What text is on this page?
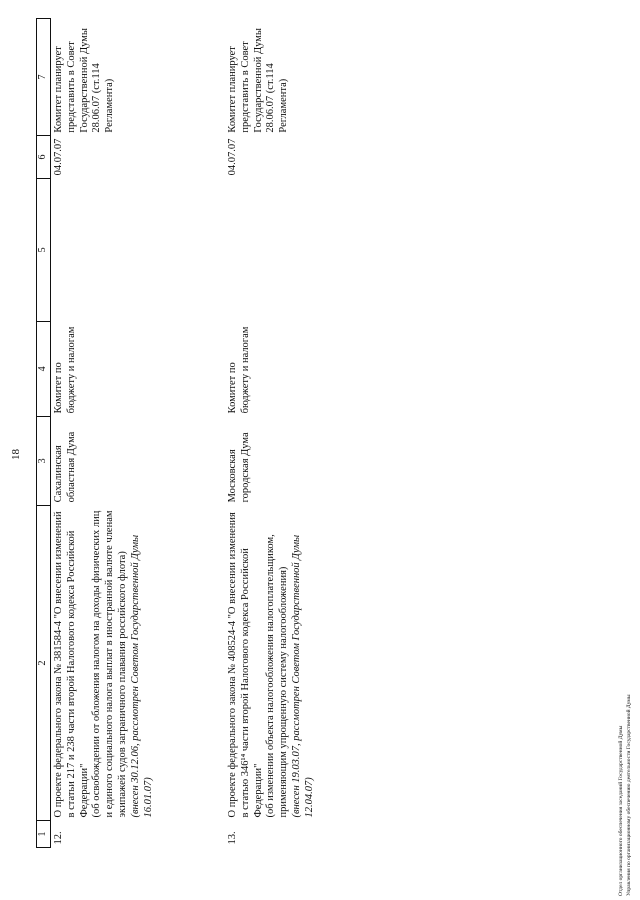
18
1	2	3	4	5	6	7
12.	О проекте федерального закона № 381584-4 "О внесении изменений в статьи 217 и 238 части второй Налогового кодекса Российской Федерации" (об освобождении от обложения налогом на доходы физических лиц и единого социального налога выплат в иностранной валюте членам экипажей судов заграничного плавания российского флота) (внесен 30.12.06, рассмотрен Советом Государственной Думы 16.01.07)	Сахалинская областная Дума	Комитет по бюджету и налогам		04.07.07	Комитет планирует представить в Совет Государственной Думы 28.06.07 (ст.114 Регламента)
13.	О проекте федерального закона № 408524-4 "О внесении изменения в статью 346¹⁴ части второй Налогового кодекса Российской Федерации" (об изменении объекта налогообложения налогоплательщиком, применяющим упрощенную систему налогообложения) (внесен 19.03.07, рассмотрен Советом Государственной Думы 12.04.07)	Московская городская Дума	Комитет по бюджету и налогам		04.07.07	Комитет планирует представить в Совет Государственной Думы 28.06.07 (ст.114 Регламента)
Отдел организационного обеспечения заседаний Государственной Думы Управления по организационному обеспечению деятельности Государственной Думы
